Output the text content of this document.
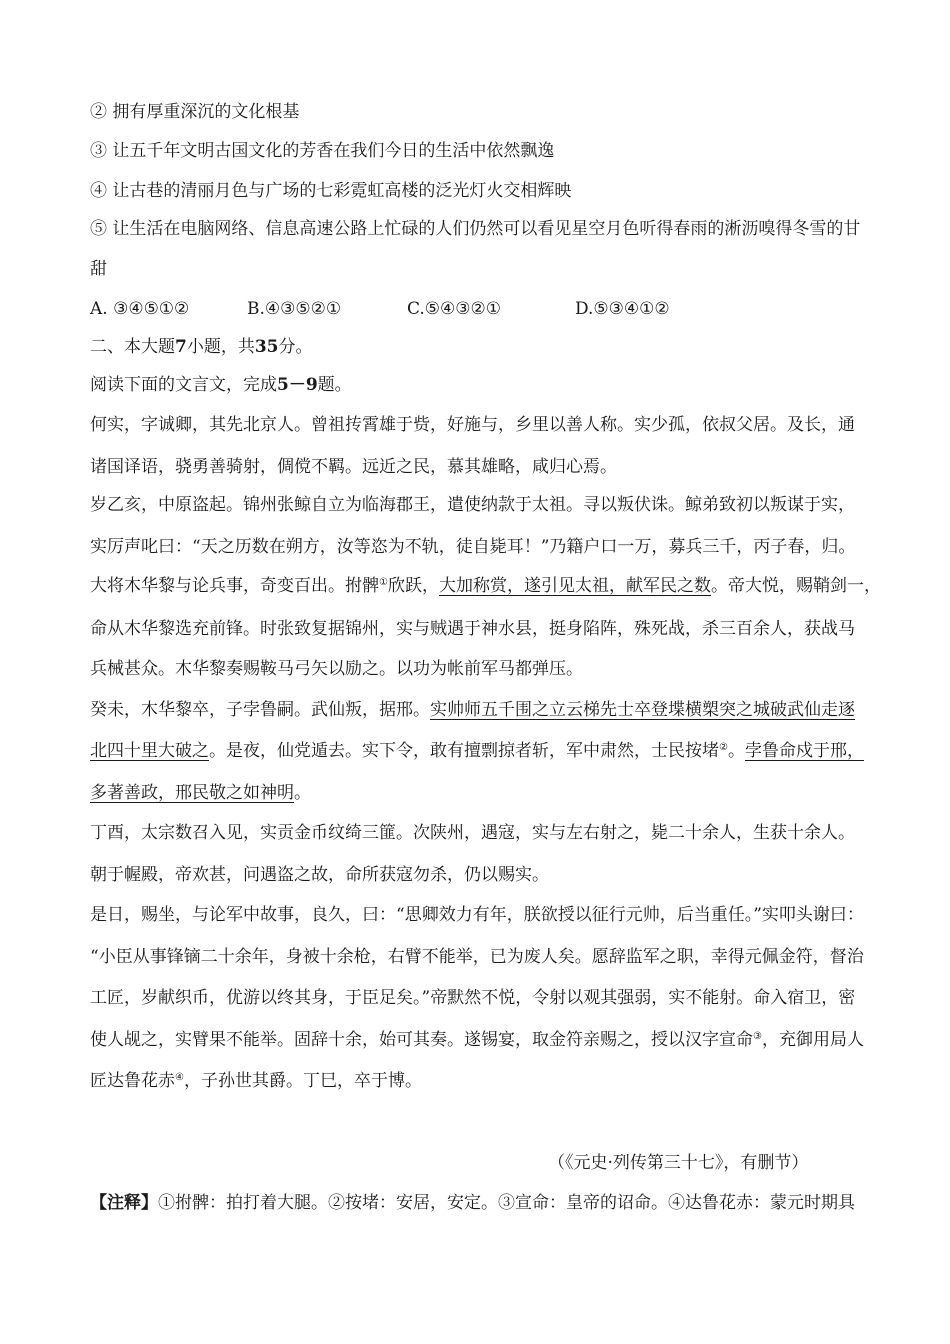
② 拥有厚重深沉的文化根基
③ 让五千年文明古国文化的芳香在我们今日的生活中依然飘逸
④ 让古巷的清丽月色与广场的七彩霓虹高楼的泛光灯火交相辉映
⑤ 让生活在电脑网络、信息高速公路上忙碌的人们仍然可以看见星空月色听得春雨的淅沥嗅得冬雪的甘
甜
A. ③④⑤①②	B.④③⑤②①	C.⑤④③②①	D.⑤③④①②
二、本大题7小题，共35分。
阅读下面的文言文，完成5－9题。
何实，字诚卿，其先北京人。曾祖抟霄雄于赀，好施与，乡里以善人称。实少孤，依叔父居。及长，通
诸国译语，骁勇善骑射，倜傥不羁。远近之民，慕其雄略，咸归心焉。
岁乙亥，中原盗起。锦州张鲸自立为临海郡王，遣使纳款于太祖。寻以叛伏诛。鲸弟致初以叛谋于实，
实厉声叱曰：“天之历数在朔方，汝等恣为不轨，徒自毙耳！”乃籍户口一万，募兵三千，丙子春，归。
大将木华黎与论兵事，奇变百出。拊髀①欣跃，大加称赏，遂引见太祖，献军民之数。帝大悦，赐鞘剑一，
命从木华黎选充前锋。时张致复据锦州，实与贼遇于神水县，挺身陷阵，殊死战，杀三百余人，获战马
兵械甚众。木华黎奏赐鞍马弓矢以励之。以功为帐前军马都弹压。
癸未，木华黎卒，子孛鲁嗣。武仙叛，据邢。实帅师五千围之立云梯先士卒登堞横槊突之城破武仙走逐
北四十里大破之。是夜，仙党遁去。实下令，敢有擅剽掠者斩，军中肃然，士民按堵②。孛鲁命戍于邢，
多著善政，邢民敬之如神明。
丁酉，太宗数召入见，实贡金币纹绮三篚。次陕州，遇寇，实与左右射之，毙二十余人，生获十余人。
朝于幄殿，帝欢甚，问遇盗之故，命所获寇勿杀，仍以赐实。
是日，赐坐，与论军中故事，良久，曰：“思卿效力有年，朕欲授以征行元帅，后当重任。”实叩头谢曰：
“小臣从事锋镝二十余年，身被十余枪，右臂不能举，已为废人矣。愿辞监军之职，幸得元佩金符，督治
工匠，岁献织币，优游以终其身，于臣足矣。”帝默然不悦，令射以观其强弱，实不能射。命入宿卫，密
使人觇之，实臂果不能举。固辞十余，始可其奏。遂锡宴，取金符亲赐之，授以汉字宣命③，充御用局人
匠达鲁花赤④，子孙世其爵。丁巳，卒于博。
（《元史·列传第三十七》，有删节）
【注释】①拊髀：拍打着大腿。②按堵：安居，安定。③宣命：皇帝的诏命。④达鲁花赤：蒙元时期具
